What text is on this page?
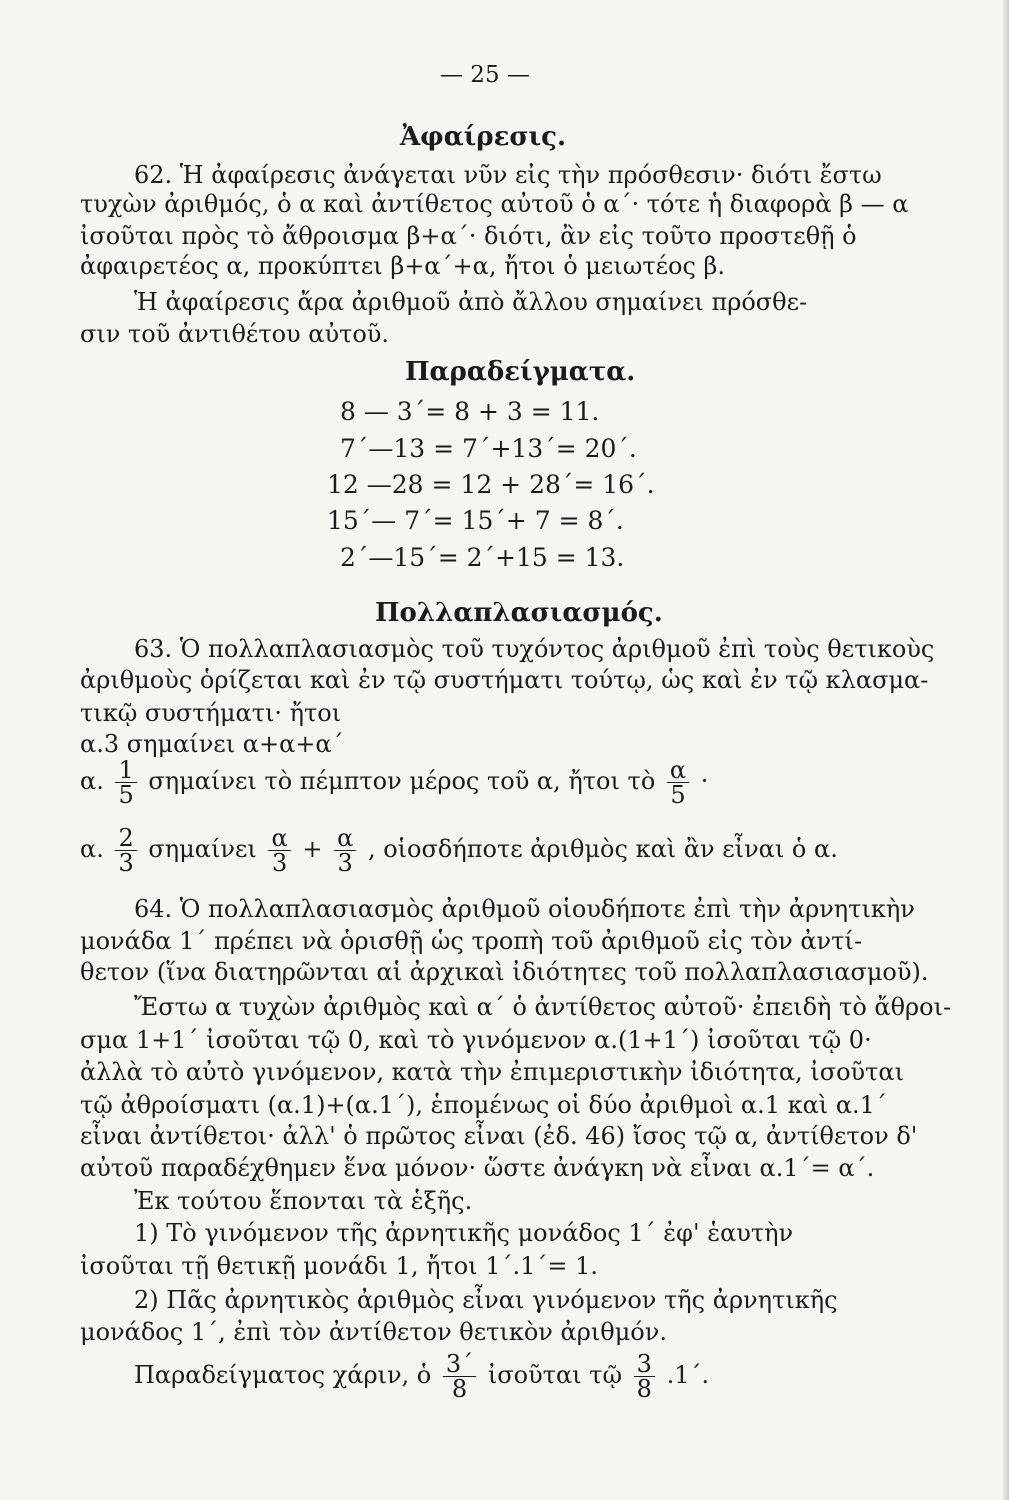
— 25 —
Ἀφαίρεσις.
62. Ἡ ἀφαίρεσις ἀνάγεται νῦν εἰς τὴν πρόσθεσιν· διότι ἔστω
τυχὼν ἀριθμός, ὁ α καὶ ἀντίθετος αὐτοῦ ὁ α΄· τότε ἡ διαφορὰ β — α
ἰσοῦται πρὸς τὸ ἄθροισμα β+α΄· διότι, ἂν εἰς τοῦτο προστεθῇ ὁ
ἀφαιρετέος α, προκύπτει β+α΄+α, ἤτοι ὁ μειωτέος β.
Ἡ ἀφαίρεσις ἄρα ἀριθμοῦ ἀπὸ ἄλλου σημαίνει πρόσθε-
σιν τοῦ ἀντιθέτου αὐτοῦ.
Παραδείγματα.
8 — 3΄= 8 + 3 = 11.
7΄—13 = 7΄+13΄= 20΄.
12 —28 = 12 + 28΄= 16΄.
15΄— 7΄= 15΄+ 7 = 8΄.
2΄—15΄= 2΄+15 = 13.
Πολλαπλασιασμός.
63. Ὁ πολλαπλασιασμὸς τοῦ τυχόντος ἀριθμοῦ ἐπὶ τοὺς θετικοὺς
ἀριθμοὺς ὁρίζεται καὶ ἐν τῷ συστήματι τούτῳ, ὡς καὶ ἐν τῷ κλασμα-
τικῷ συστήματι· ἤτοι
α.3 σημαίνει α+α+α΄
α. $\frac{1}{5}$ σημαίνει τὸ πέμπτον μέρος τοῦ α, ἤτοι τὸ $\frac{\alpha}{5}$ ·
α. $\frac{2}{3}$ σημαίνει $\frac{\alpha}{3} + \frac{\alpha}{3}$ , οἱοσδήποτε ἀριθμὸς καὶ ἂν εἶναι ὁ α.
64. Ὁ πολλαπλασιασμὸς ἀριθμοῦ οἱουδήποτε ἐπὶ τὴν ἀρνητικὴν
μονάδα 1΄ πρέπει νὰ ὁρισθῇ ὡς τροπὴ τοῦ ἀριθμοῦ εἰς τὸν ἀντί-
θετον (ἵνα διατηρῶνται αἱ ἀρχικαὶ ἰδιότητες τοῦ πολλαπλασιασμοῦ).
Ἔστω α τυχὼν ἀριθμὸς καὶ α΄ ὁ ἀντίθετος αὐτοῦ· ἐπειδὴ τὸ ἄθροι-
σμα 1+1΄ ἰσοῦται τῷ 0, καὶ τὸ γινόμενον α.(1+1΄) ἰσοῦται τῷ 0·
ἀλλὰ τὸ αὐτὸ γινόμενον, κατὰ τὴν ἐπιμεριστικὴν ἰδιότητα, ἰσοῦται
τῷ ἀθροίσματι (α.1)+(α.1΄), ἑπομένως οἱ δύο ἀριθμοὶ α.1 καὶ α.1΄
εἶναι ἀντίθετοι· ἀλλ' ὁ πρῶτος εἶναι (ἐδ. 46) ἴσος τῷ α, ἀντίθετον δ'
αὐτοῦ παραδέχθημεν ἕνα μόνον· ὥστε ἀνάγκη νὰ εἶναι α.1΄= α΄.
Ἐκ τούτου ἕπονται τὰ ἑξῆς.
1) Τὸ γινόμενον τῆς ἀρνητικῆς μονάδος 1΄ ἐφ' ἑαυτὴν
ἰσοῦται τῇ θετικῇ μονάδι 1, ἤτοι 1΄.1΄= 1.
2) Πᾶς ἀρνητικὸς ἀριθμὸς εἶναι γινόμενον τῆς ἀρνητικῆς
μονάδος 1΄, ἐπὶ τὸν ἀντίθετον θετικὸν ἀριθμόν.
Παραδείγματος χάριν, ὁ $\frac{3΄}{8}$ ἰσοῦται τῷ $\frac{3}{8} .1΄$.
